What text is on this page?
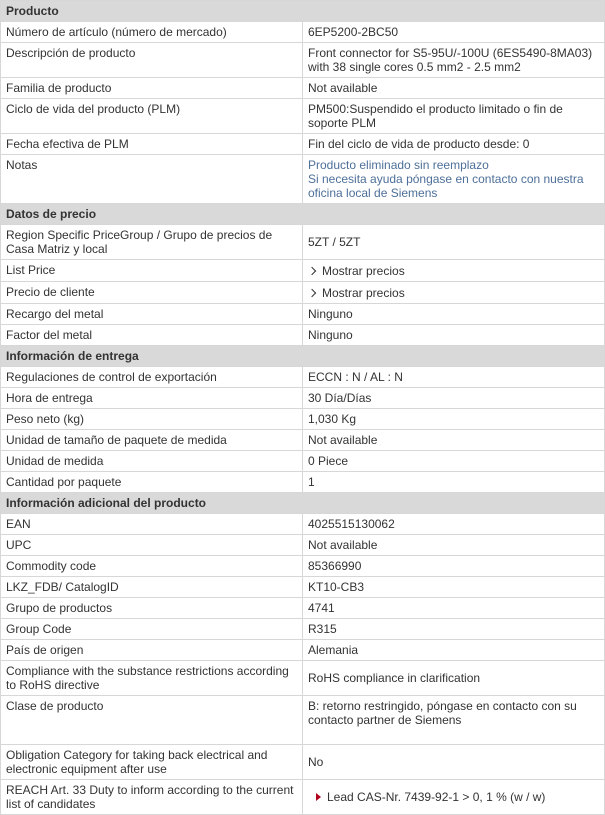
Producto	
Número de artículo (número de mercado)	6EP5200-2BC50
Descripción de producto	Front connector for S5-95U/-100U (6ES5490-8MA03) with 38 single cores 0.5 mm2 - 2.5 mm2
Familia de producto	Not available
Ciclo de vida del producto (PLM)	PM500:Suspendido el producto limitado o fin de soporte PLM
Fecha efectiva de PLM	Fin del ciclo de vida de producto desde: 0
Notas	Producto eliminado sin reemplazo
Si necesita ayuda póngase en contacto con nuestra oficina local de Siemens

Datos de precio	
Region Specific PriceGroup / Grupo de precios de Casa Matriz y local	5ZT / 5ZT
List Price	Mostrar precios

Precio de cliente	Mostrar precios

Recargo del metal	Ninguno
Factor del metal	Ninguno
Información de entrega	
Regulaciones de control de exportación	ECCN : N / AL : N
Hora de entrega	30 Día/Días
Peso neto (kg)	1,030 Kg
Unidad de tamaño de paquete de medida	Not available
Unidad de medida	0 Piece
Cantidad por paquete	1
Información adicional del producto	
EAN	4025515130062
UPC	Not available
Commodity code	85366990
LKZ_FDB/ CatalogID	KT10-CB3
Grupo de productos	4741
Group Code	R315
País de origen	Alemania
Compliance with the substance restrictions according to RoHS directive	RoHS compliance in clarification
Clase de producto	B: retorno restringido, póngase en contacto con su contacto partner de Siemens
Obligation Category for taking back electrical and electronic equipment after use	No
REACH Art. 33 Duty to inform according to the current list of candidates	Lead CAS-Nr. 7439-92-1 > 0, 1 % (w / w)
